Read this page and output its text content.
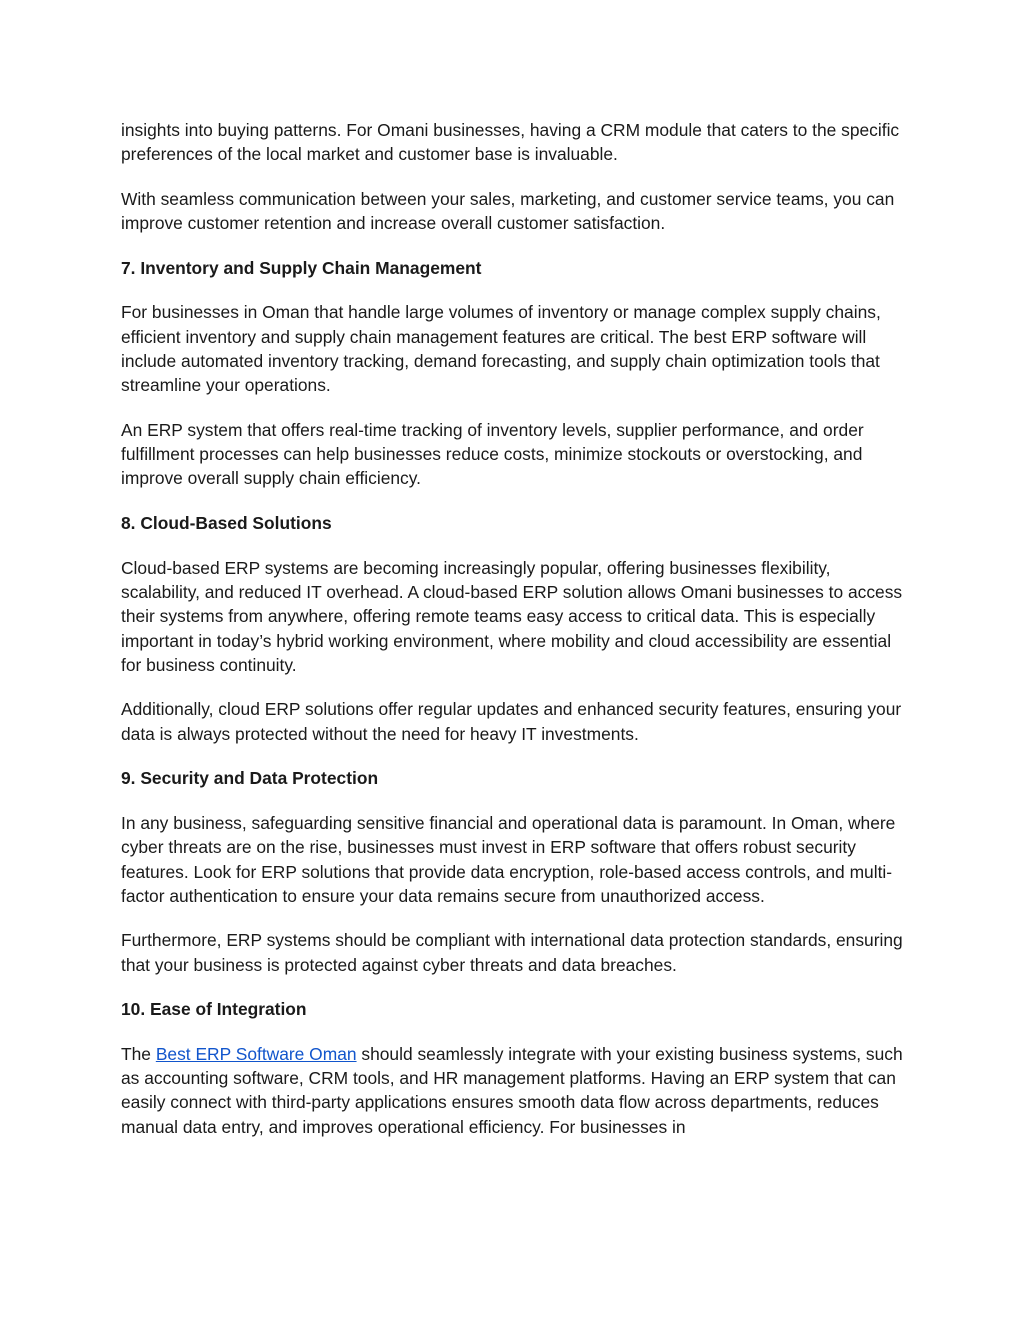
insights into buying patterns. For Omani businesses, having a CRM module that caters to the specific preferences of the local market and customer base is invaluable.

With seamless communication between your sales, marketing, and customer service teams, you can improve customer retention and increase overall customer satisfaction.

7. Inventory and Supply Chain Management

For businesses in Oman that handle large volumes of inventory or manage complex supply chains, efficient inventory and supply chain management features are critical. The best ERP software will include automated inventory tracking, demand forecasting, and supply chain optimization tools that streamline your operations.

An ERP system that offers real-time tracking of inventory levels, supplier performance, and order fulfillment processes can help businesses reduce costs, minimize stockouts or overstocking, and improve overall supply chain efficiency.

8. Cloud-Based Solutions

Cloud-based ERP systems are becoming increasingly popular, offering businesses flexibility, scalability, and reduced IT overhead. A cloud-based ERP solution allows Omani businesses to access their systems from anywhere, offering remote teams easy access to critical data. This is especially important in today’s hybrid working environment, where mobility and cloud accessibility are essential for business continuity.

Additionally, cloud ERP solutions offer regular updates and enhanced security features, ensuring your data is always protected without the need for heavy IT investments.

9. Security and Data Protection

In any business, safeguarding sensitive financial and operational data is paramount. In Oman, where cyber threats are on the rise, businesses must invest in ERP software that offers robust security features. Look for ERP solutions that provide data encryption, role-based access controls, and multi-factor authentication to ensure your data remains secure from unauthorized access.

Furthermore, ERP systems should be compliant with international data protection standards, ensuring that your business is protected against cyber threats and data breaches.

10. Ease of Integration

The Best ERP Software Oman should seamlessly integrate with your existing business systems, such as accounting software, CRM tools, and HR management platforms. Having an ERP system that can easily connect with third-party applications ensures smooth data flow across departments, reduces manual data entry, and improves operational efficiency. For businesses in
